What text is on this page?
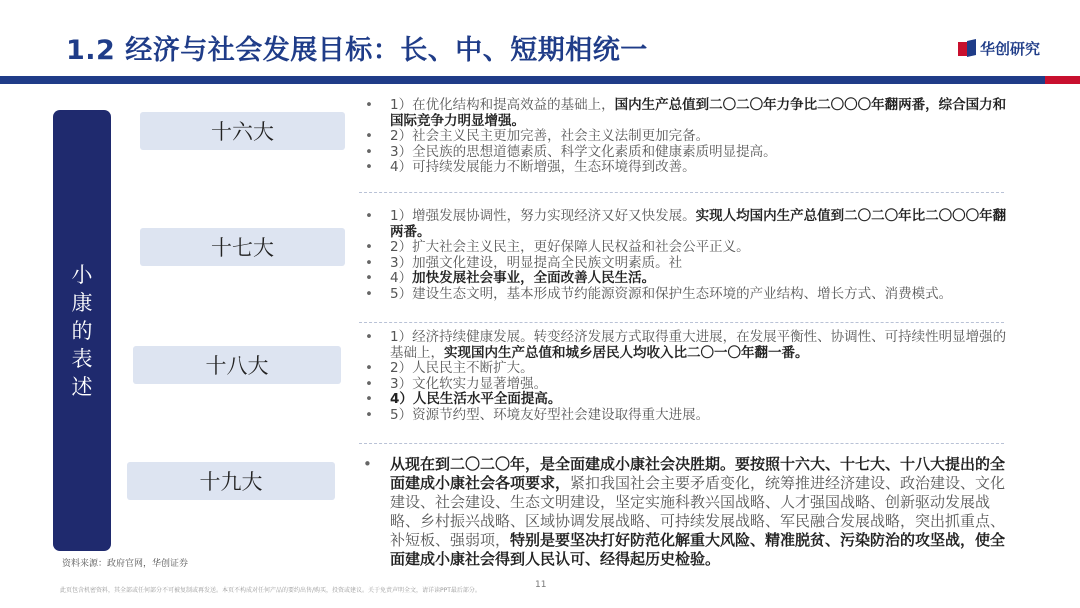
1.2 经济与社会发展目标：长、中、短期相统一	华创研究
小
康
的
表
述
十六大
•	1）在优化结构和提高效益的基础上，国内生产总值到二〇二〇年力争比二〇〇〇年翻两番，综合国力和国际竞争力明显增强。
•	2）社会主义民主更加完善，社会主义法制更加完备。
•	3）全民族的思想道德素质、科学文化素质和健康素质明显提高。
•	4）可持续发展能力不断增强，生态环境得到改善。
十七大
•	1）增强发展协调性，努力实现经济又好又快发展。实现人均国内生产总值到二〇二〇年比二〇〇〇年翻两番。
•	2）扩大社会主义民主，更好保障人民权益和社会公平正义。
•	3）加强文化建设，明显提高全民族文明素质。社
•	4）加快发展社会事业，全面改善人民生活。
•	5）建设生态文明，基本形成节约能源资源和保护生态环境的产业结构、增长方式、消费模式。
十八大
•	1）经济持续健康发展。转变经济发展方式取得重大进展，在发展平衡性、协调性、可持续性明显增强的基础上，实现国内生产总值和城乡居民人均收入比二〇一〇年翻一番。
•	2）人民民主不断扩大。
•	3）文化软实力显著增强。
•	4）人民生活水平全面提高。
•	5）资源节约型、环境友好型社会建设取得重大进展。
十九大
•	从现在到二〇二〇年，是全面建成小康社会决胜期。要按照十六大、十七大、十八大提出的全面建成小康社会各项要求，紧扣我国社会主要矛盾变化，统筹推进经济建设、政治建设、文化建设、社会建设、生态文明建设，坚定实施科教兴国战略、人才强国战略、创新驱动发展战略、乡村振兴战略、区域协调发展战略、可持续发展战略、军民融合发展战略，突出抓重点、补短板、强弱项，特别是要坚决打好防范化解重大风险、精准脱贫、污染防治的攻坚战，使全面建成小康社会得到人民认可、经得起历史检验。
资料来源：政府官网，华创证券
此页包含机密资料，其全部或任何部分不可被复制或再发送。本页不构成对任何产品的要约出售/购买，投资或建议。关于免责声明全文，请详读PPT最后部分。
11
